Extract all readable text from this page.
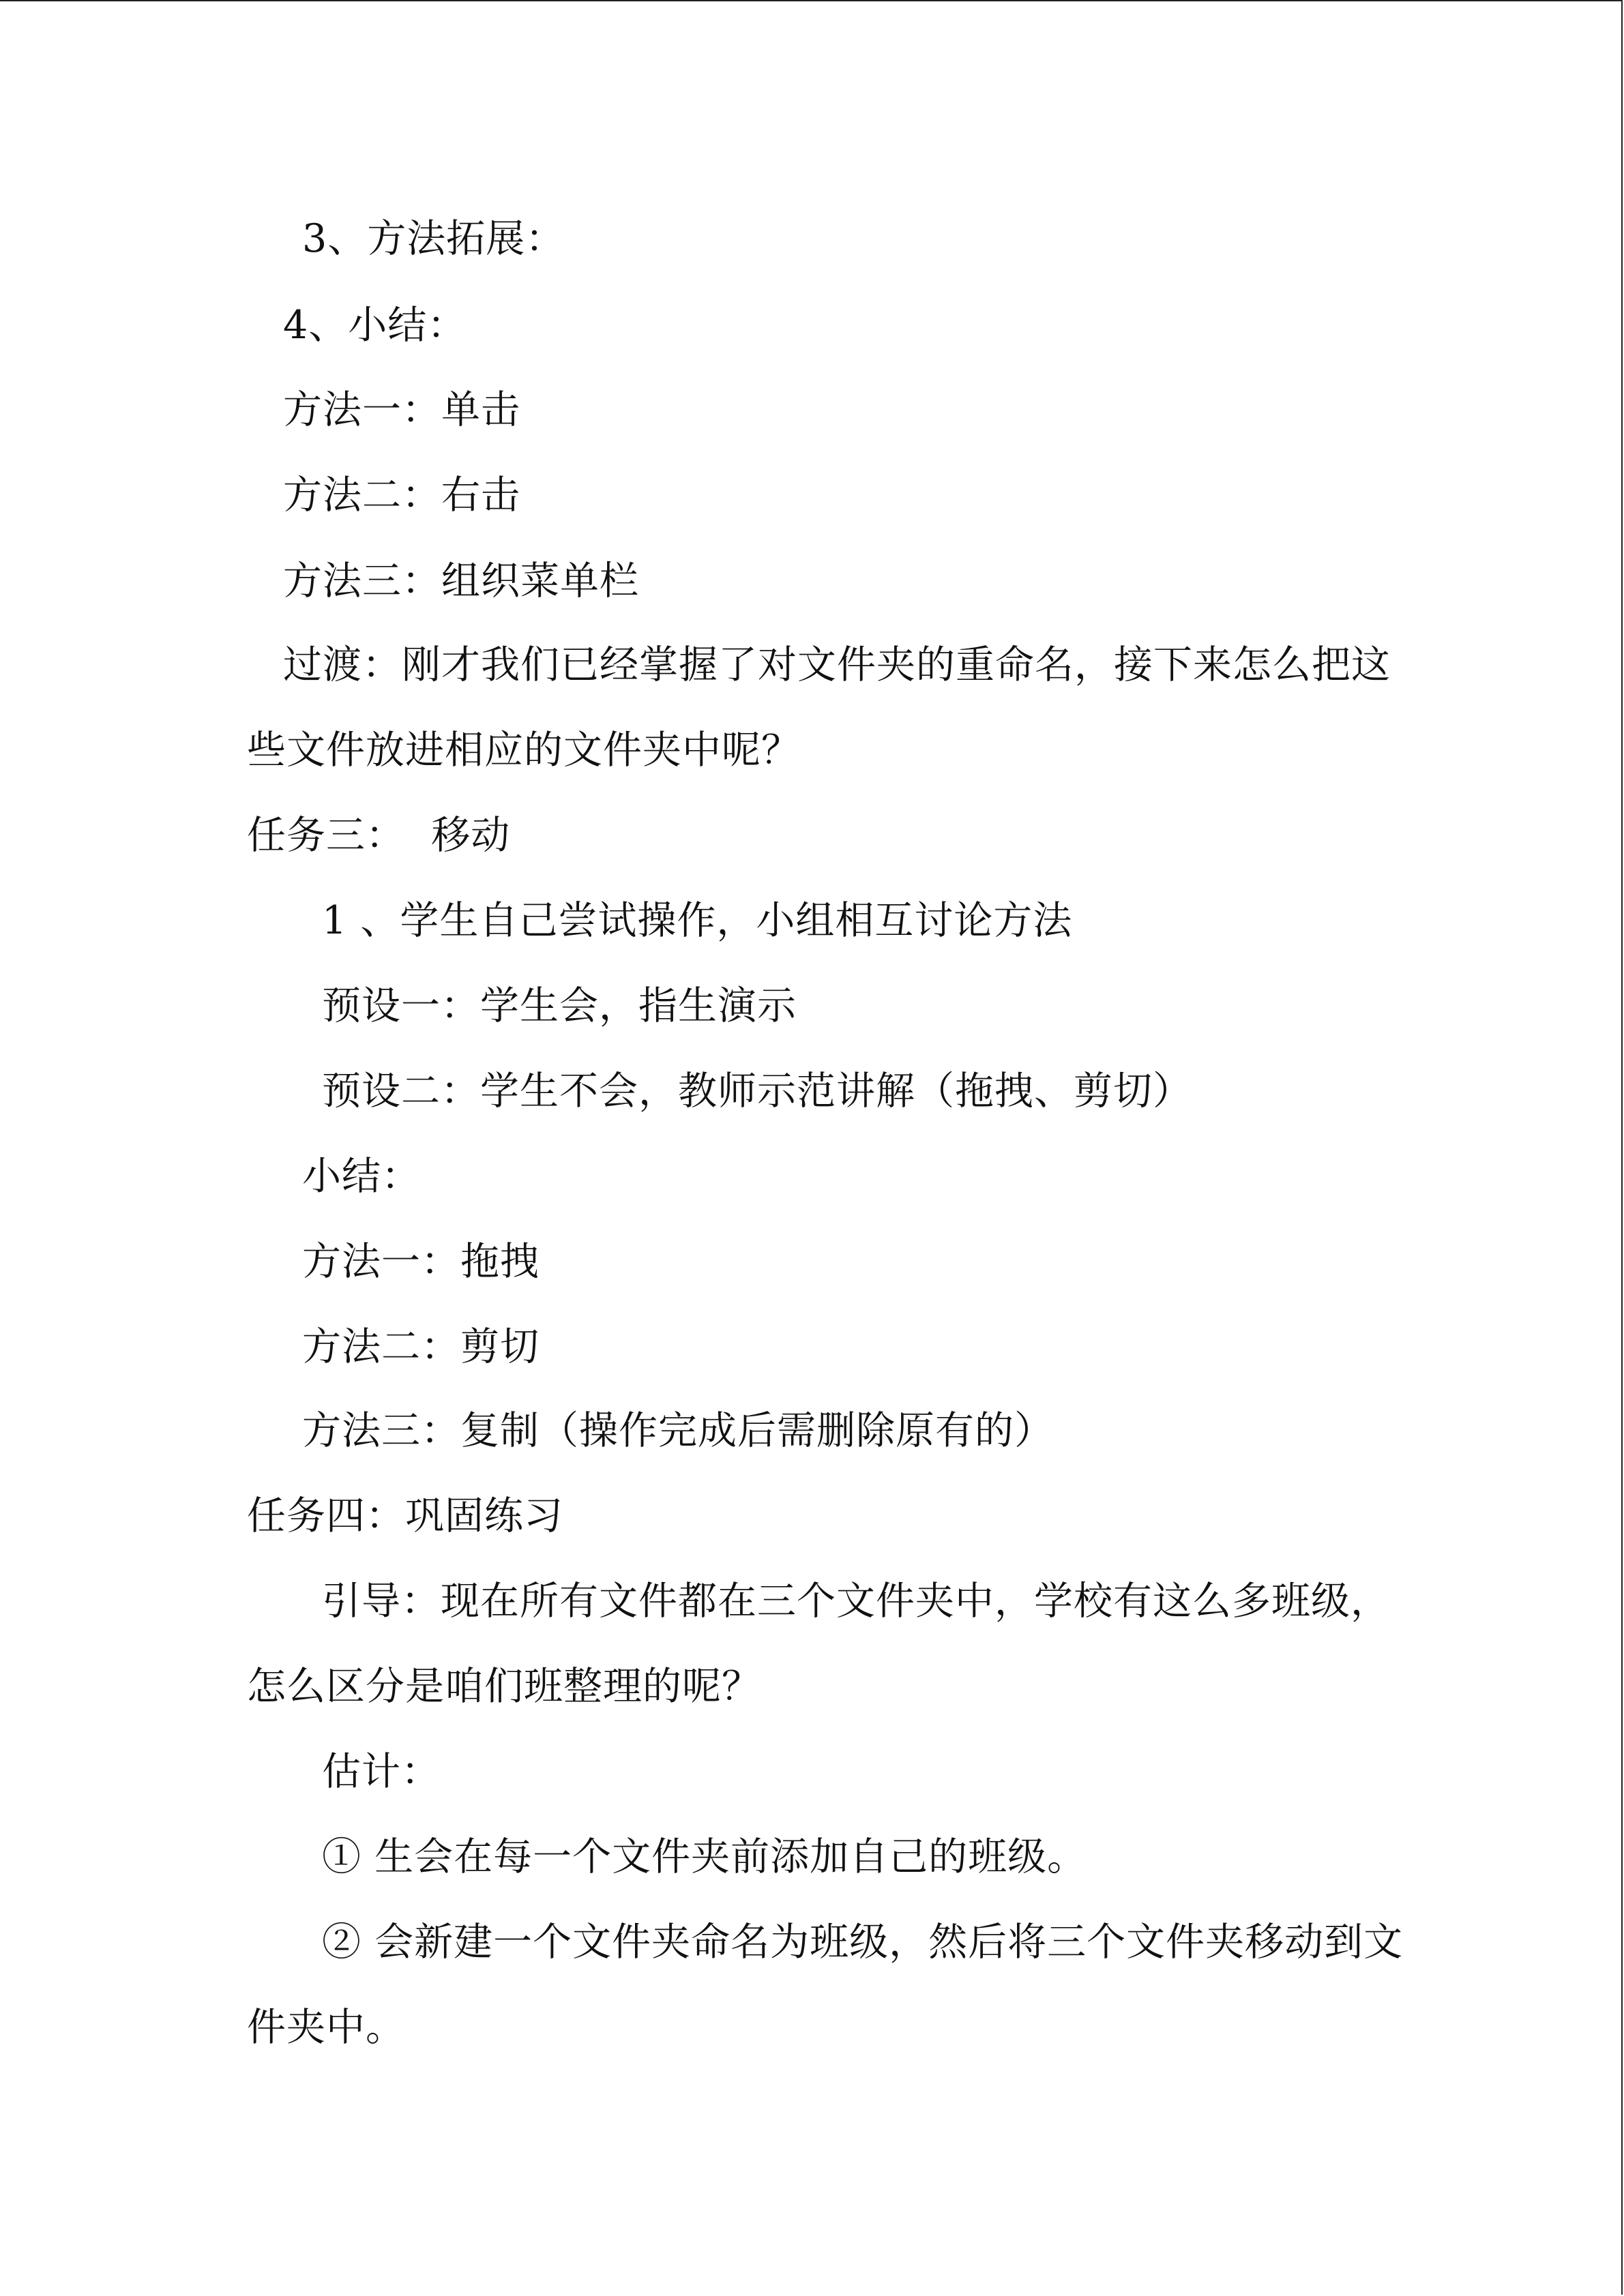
3、方法拓展：
4、小结：
方法一：单击
方法二：右击
方法三：组织菜单栏
过渡：刚才我们已经掌握了对文件夹的重命名，接下来怎么把这
些文件放进相应的文件夹中呢？
任务三：  移动
1 、学生自己尝试操作，小组相互讨论方法
预设一：学生会，指生演示
预设二：学生不会，教师示范讲解（拖拽、剪切）
小结：
方法一：拖拽
方法二：剪切
方法三：复制（操作完成后需删除原有的）
任务四：巩固练习
引导：现在所有文件都在三个文件夹中，学校有这么多班级，
怎么区分是咱们班整理的呢？
估计：
① 生会在每一个文件夹前添加自己的班级。
② 会新建一个文件夹命名为班级，然后将三个文件夹移动到文
件夹中。
